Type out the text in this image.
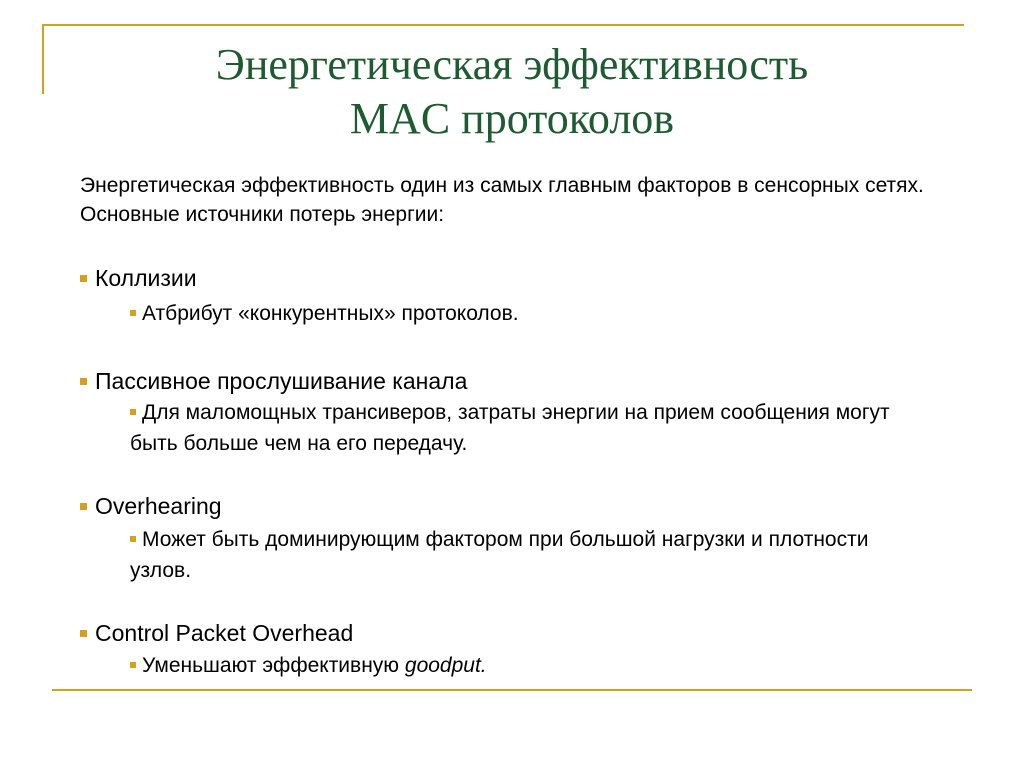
Энергетическая эффективность
MAC протоколов
Энергетическая эффективность один из самых главным факторов в сенсорных сетях. Основные источники потерь энергии:
Коллизии
Атбрибут «конкурентных» протоколов.
Пассивное прослушивание канала
Для маломощных трансиверов, затраты энергии на прием сообщения могут быть больше чем на его передачу.
Overhearing
Может быть доминирующим фактором при большой нагрузки и плотности узлов.
Control Packet Overhead
Уменьшают эффективную goodput.
